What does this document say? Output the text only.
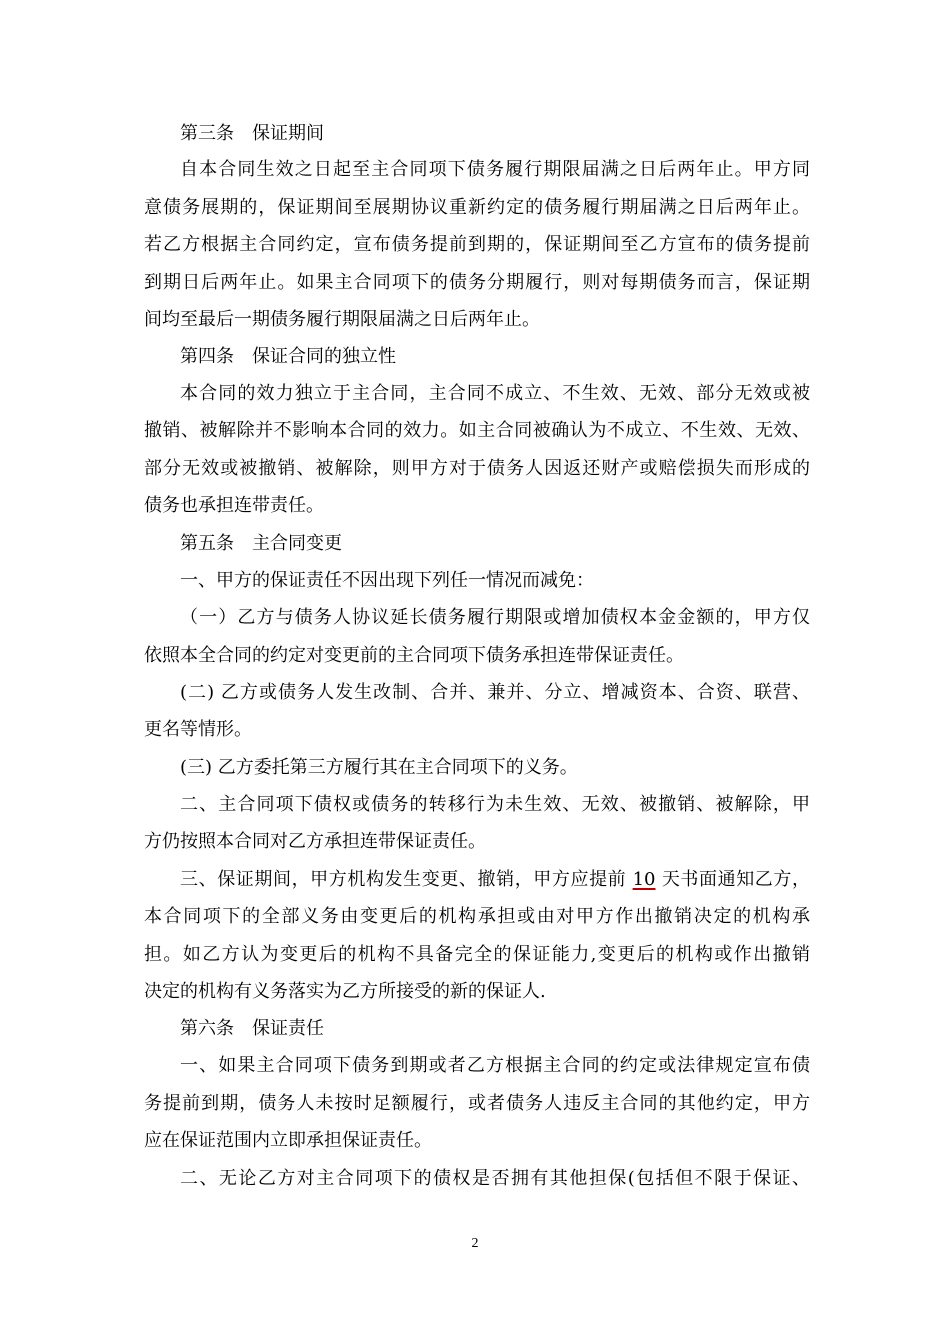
第三条 保证期间
自本合同生效之日起至主合同项下债务履行期限届满之日后两年止。甲方同
意债务展期的，保证期间至展期协议重新约定的债务履行期届满之日后两年止。
若乙方根据主合同约定，宣布债务提前到期的，保证期间至乙方宣布的债务提前
到期日后两年止。如果主合同项下的债务分期履行，则对每期债务而言，保证期
间均至最后一期债务履行期限届满之日后两年止。
第四条 保证合同的独立性
本合同的效力独立于主合同，主合同不成立、不生效、无效、部分无效或被
撤销、被解除并不影响本合同的效力。如主合同被确认为不成立、不生效、无效、
部分无效或被撤销、被解除，则甲方对于债务人因返还财产或赔偿损失而形成的
债务也承担连带责任。
第五条 主合同变更
一、甲方的保证责任不因出现下列任一情况而减免：
（一）乙方与债务人协议延长债务履行期限或增加债权本金金额的，甲方仅
依照本全合同的约定对变更前的主合同项下债务承担连带保证责任。
(二) 乙方或债务人发生改制、合并、兼并、分立、增减资本、合资、联营、
更名等情形。
(三) 乙方委托第三方履行其在主合同项下的义务。
二、主合同项下债权或债务的转移行为未生效、无效、被撤销、被解除，甲
方仍按照本合同对乙方承担连带保证责任。
三、保证期间，甲方机构发生变更、撤销，甲方应提前 10 天书面通知乙方，
本合同项下的全部义务由变更后的机构承担或由对甲方作出撤销决定的机构承
担。如乙方认为变更后的机构不具备完全的保证能力,变更后的机构或作出撤销
决定的机构有义务落实为乙方所接受的新的保证人.
第六条 保证责任
一、如果主合同项下债务到期或者乙方根据主合同的约定或法律规定宣布债
务提前到期，债务人未按时足额履行，或者债务人违反主合同的其他约定，甲方
应在保证范围内立即承担保证责任。
二、无论乙方对主合同项下的债权是否拥有其他担保(包括但不限于保证、
2
